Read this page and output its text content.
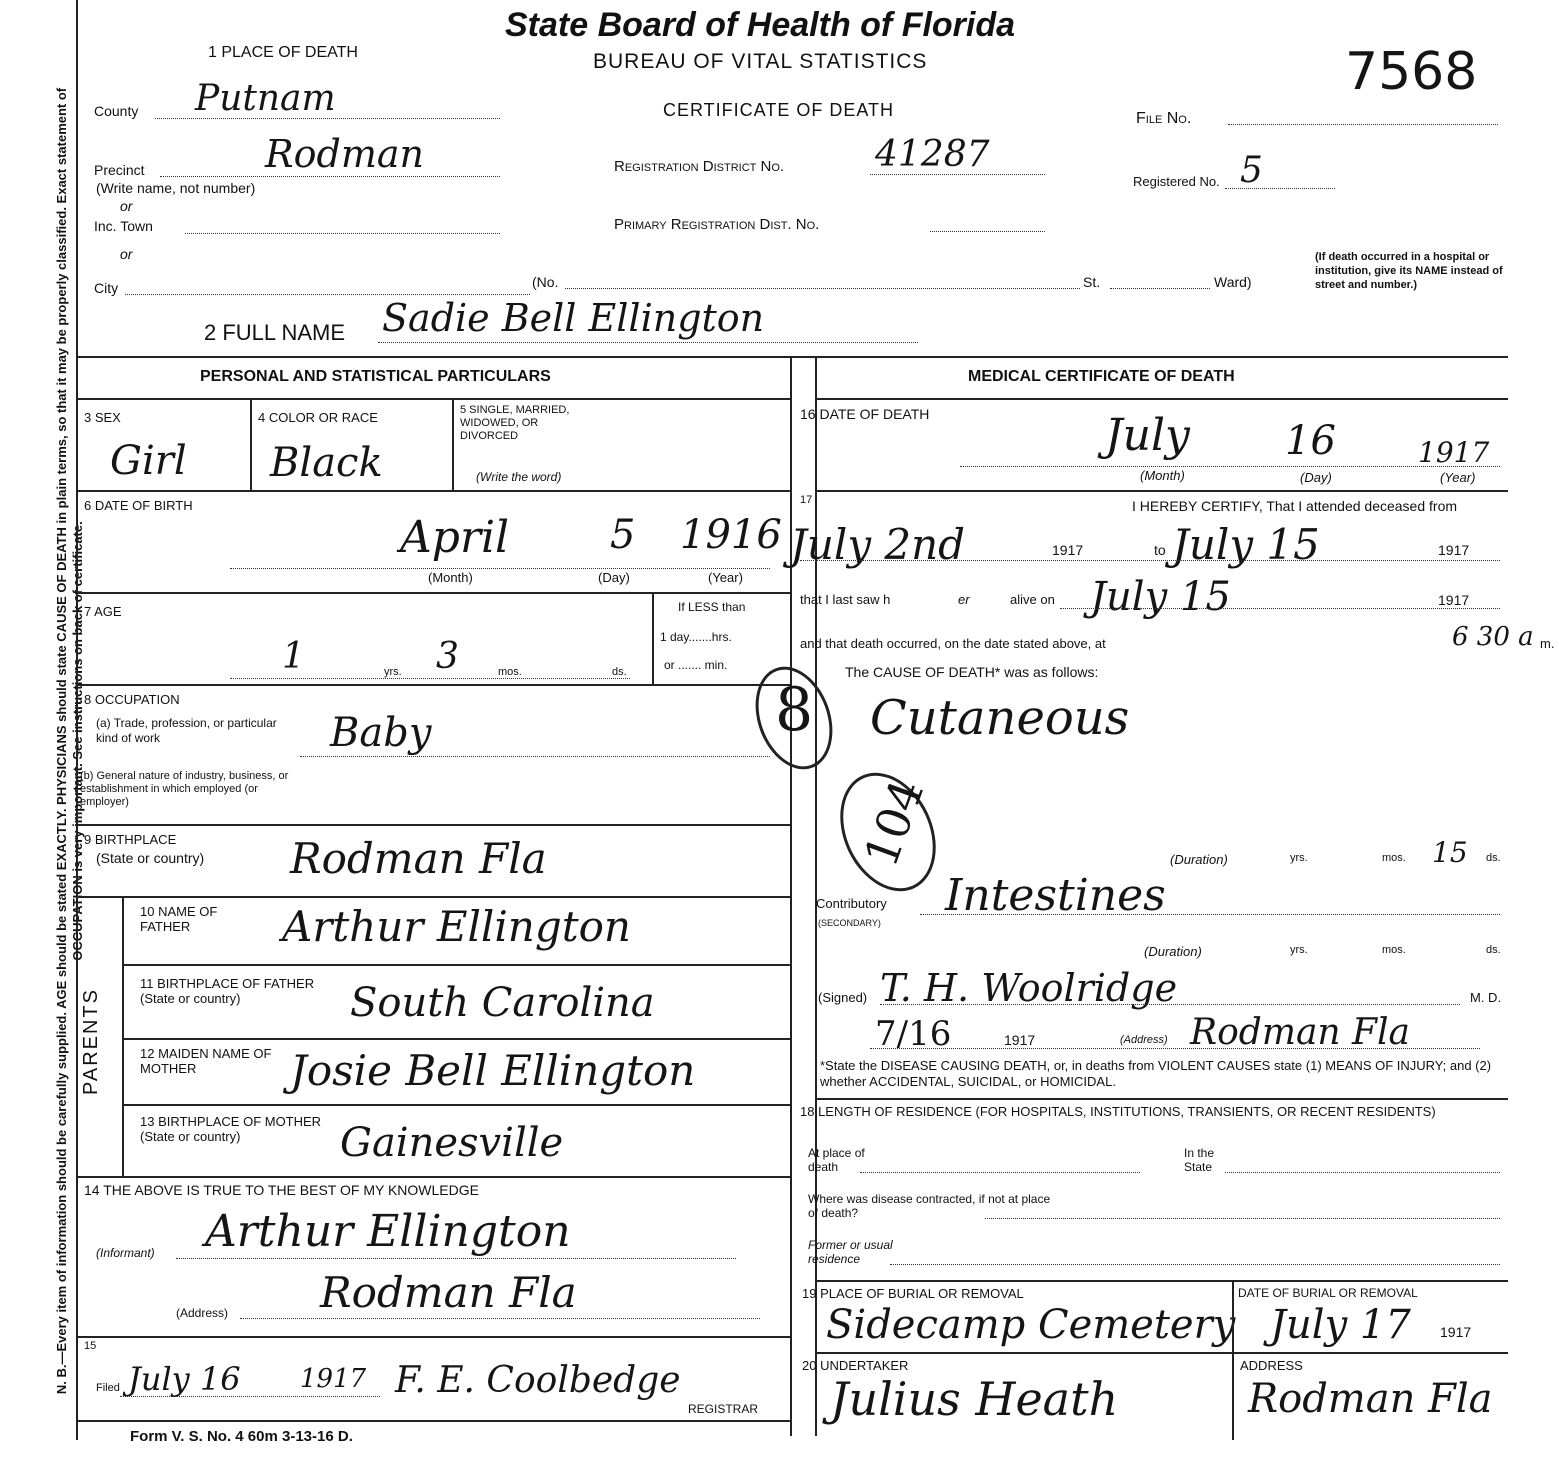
N. B.—Every item of information should be carefully supplied. AGE should be stated EXACTLY. PHYSICIANS should state CAUSE OF DEATH in plain terms, so that it may be properly classified. Exact statement of OCCUPATION is very important. See instructions on back of certificate.
State Board of Health of Florida
BUREAU OF VITAL STATISTICS
CERTIFICATE OF DEATH
1 PLACE OF DEATH
File No.
7568
County Putnam
Precinct	Rodman
(Write name, not number)
or
Inc. Town
or
City	(No.	St.	Ward)
(If death occurred in a hospital or institution, give its NAME instead of street and number.)
Registration District No.	41287
Registered No. 5
Primary Registration Dist. No.
2 FULL NAME Sadie Bell Ellington
PERSONAL AND STATISTICAL PARTICULARS
3 SEX
Girl
4 COLOR OR RACE
Black
5 SINGLE, MARRIED, WIDOWED, OR DIVORCED
(Write the word)
6 DATE OF BIRTH
April	5 1916
(Month)	(Day)	(Year)
7 AGE
1	yrs. 3	mos.	ds.
If LESS than
1 day.......hrs.
or ....... min.
8 OCCUPATION
(a) Trade, profession, or particular kind of work	Baby
(b) General nature of industry, business, or establishment in which employed (or employer)
9 BIRTHPLACE
(State or country) Rodman Fla
PARENTS
10 NAME OF FATHER	Arthur Ellington
11 BIRTHPLACE OF FATHER (State or country)	South Carolina
12 MAIDEN NAME OF MOTHER	Josie Bell Ellington
13 BIRTHPLACE OF MOTHER (State or country)	Gainesville
14 THE ABOVE IS TRUE TO THE BEST OF MY KNOWLEDGE
(Informant) Arthur Ellington
(Address) Rodman Fla
15
Filed July 16 1917 F. E. Coolbedge
REGISTRAR
Form V. S. No. 4 60m 3-13-16 D.
MEDICAL CERTIFICATE OF DEATH
16 DATE OF DEATH	July 16	1917
(Month)	(Day)	(Year)
17	I HEREBY CERTIFY, That I attended deceased from
July 2nd	1917	to July 15	1917
that I last saw h	er	alive on July 15	1917
and that death occurred, on the date stated above, at	6 30 a m.
The CAUSE OF DEATH* was as follows:
Cutaneous
8
104	(Duration)	yrs.	mos. 15 ds.
Contributory
(SECONDARY)
Intestines
(Duration)	yrs.	mos.	ds.
(Signed) T. H. Woolridge	M. D.
7/16	1917	(Address) Rodman Fla
*State the DISEASE CAUSING DEATH, or, in deaths from VIOLENT CAUSES state (1) MEANS OF INJURY; and (2) whether ACCIDENTAL, SUICIDAL, or HOMICIDAL.
18 LENGTH OF RESIDENCE (FOR HOSPITALS, INSTITUTIONS, TRANSIENTS, OR RECENT RESIDENTS)
At place of death
In the State
Where was disease contracted, if not at place of death?
Former or usual residence
19 PLACE OF BURIAL OR REMOVAL
Sidecamp Cemetery
DATE OF BURIAL OR REMOVAL
July 17 1917
20 UNDERTAKER
Julius Heath
ADDRESS
Rodman Fla
